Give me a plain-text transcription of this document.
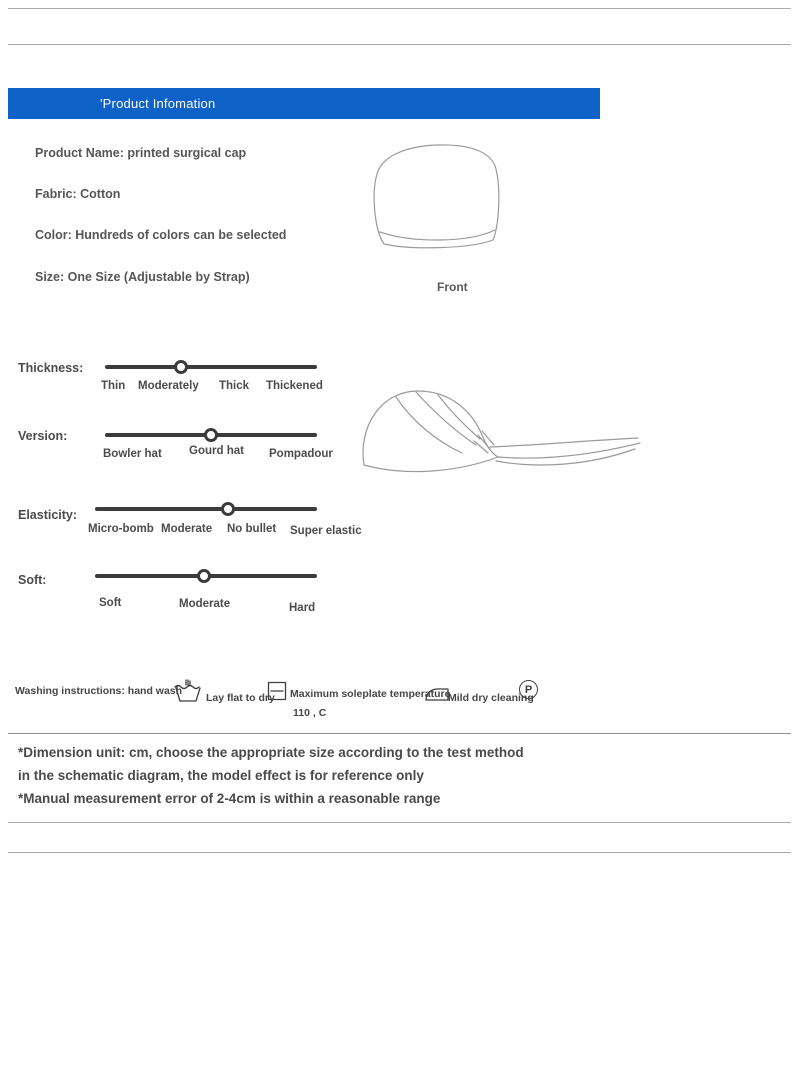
'Product Infomation
Product Name: printed surgical cap
Fabric: Cotton
Color: Hundreds of colors can be selected
Size: One Size (Adjustable by Strap)
Front
Thickness:
Thin Moderately Thick Thickened
Version:
Bowler hat Gourd hat Pompadour
Elasticity:
Micro-bomb Moderate No bullet Super elastic
Soft:
Soft	Moderate	Hard
Washing instructions: hand wash
Lay flat to dry Maximum soleplate temperature
110 , C
Mild dry cleaning
P
*Dimension unit: cm, choose the appropriate size according to the test method
in the schematic diagram, the model effect is for reference only
*Manual measurement error of 2-4cm is within a reasonable range
